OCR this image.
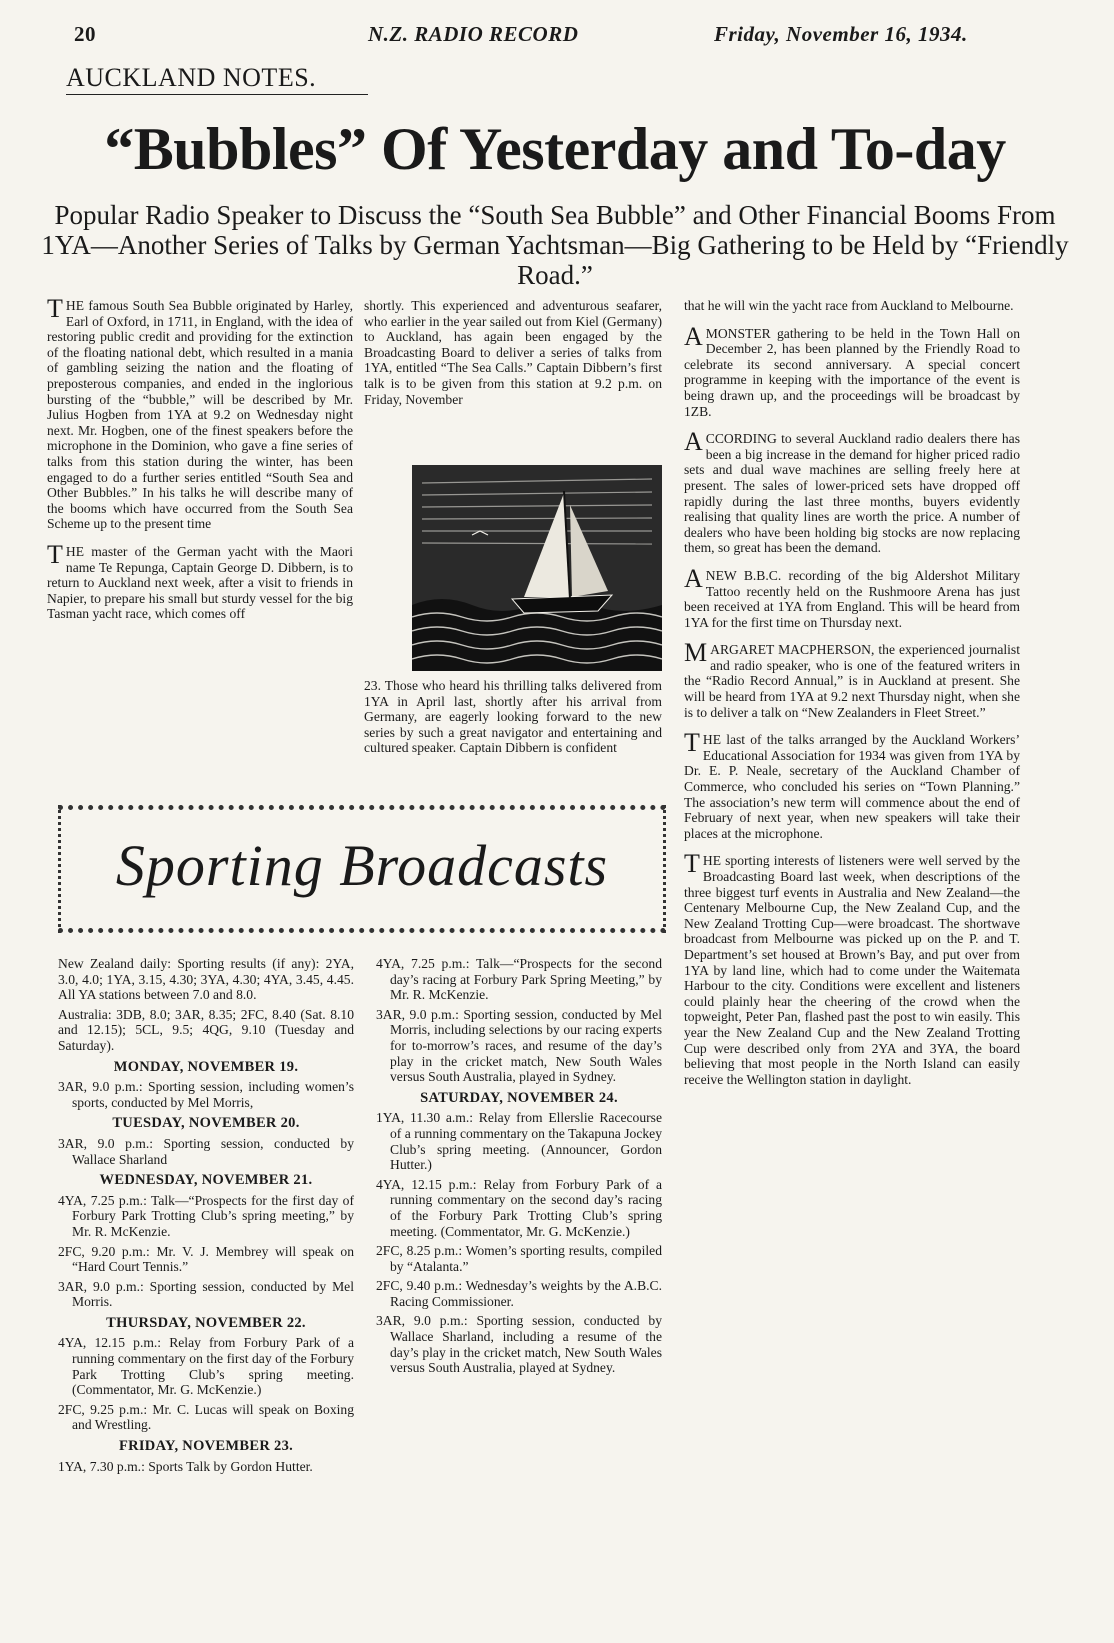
20	N.Z. RADIO RECORD	Friday, November 16, 1934.
AUCKLAND NOTES.
“Bubbles” Of Yesterday and To-day
Popular Radio Speaker to Discuss the “South Sea Bubble” and Other Financial Booms From 1YA—Another Series of Talks by German Yachtsman—Big Gathering to be Held by “Friendly Road.”

THE famous South Sea Bubble originated by Harley, Earl of Oxford, in 1711, in England, with the idea of restoring public credit and providing for the extinction of the floating national debt, which resulted in a mania of gambling seizing the nation and the floating of preposterous companies, and ended in the inglorious bursting of the “bubble,” will be described by Mr. Julius Hogben from 1YA at 9.2 on Wednesday night next. Mr. Hogben, one of the finest speakers before the microphone in the Dominion, who gave a fine series of talks from this station during the winter, has been engaged to do a further series entitled “South Sea and Other Bubbles.” In his talks he will describe many of the booms which have occurred from the South Sea Scheme up to the present time

THE master of the German yacht with the Maori name Te Repunga, Captain George D. Dibbern, is to return to Auckland next week, after a visit to friends in Napier, to prepare his small but sturdy vessel for the big Tasman yacht race, which comes off

shortly. This experienced and adventurous seafarer, who earlier in the year sailed out from Kiel (Germany) to Auckland, has again been engaged by the Broadcasting Board to deliver a series of talks from 1YA, entitled “The Sea Calls.” Captain Dibbern’s first talk is to be given from this station at 9.2 p.m. on Friday, November

23. Those who heard his thrilling talks delivered from 1YA in April last, shortly after his arrival from Germany, are eagerly looking forward to the new series by such a great navigator and entertaining and cultured speaker. Captain Dibbern is confident

that he will win the yacht race from Auckland to Melbourne.

AMONSTER gathering to be held in the Town Hall on December 2, has been planned by the Friendly Road to celebrate its second anniversary. A special concert programme in keeping with the importance of the event is being drawn up, and the proceedings will be broadcast by 1ZB.

ACCORDING to several Auckland radio dealers there has been a big increase in the demand for higher priced radio sets and dual wave machines are selling freely here at present. The sales of lower-priced sets have dropped off rapidly during the last three months, buyers evidently realising that quality lines are worth the price. A number of dealers who have been holding big stocks are now replacing them, so great has been the demand.

ANEW B.B.C. recording of the big Aldershot Military Tattoo recently held on the Rushmoore Arena has just been received at 1YA from England. This will be heard from 1YA for the first time on Thursday next.

MARGARET MACPHERSON, the experienced journalist and radio speaker, who is one of the featured writers in the “Radio Record Annual,” is in Auckland at present. She will be heard from 1YA at 9.2 next Thursday night, when she is to deliver a talk on “New Zealanders in Fleet Street.”

THE last of the talks arranged by the Auckland Workers’ Educational Association for 1934 was given from 1YA by Dr. E. P. Neale, secretary of the Auckland Chamber of Commerce, who concluded his series on “Town Planning.” The association’s new term will commence about the end of February of next year, when new speakers will take their places at the microphone.

THE sporting interests of listeners were well served by the Broadcasting Board last week, when descriptions of the three biggest turf events in Australia and New Zealand—the Centenary Melbourne Cup, the New Zealand Cup, and the New Zealand Trotting Cup—were broadcast. The shortwave broadcast from Melbourne was picked up on the P. and T. Department’s set housed at Brown’s Bay, and put over from 1YA by land line, which had to come under the Waitemata Harbour to the city. Conditions were excellent and listeners could plainly hear the cheering of the crowd when the topweight, Peter Pan, flashed past the post to win easily. This year the New Zealand Cup and the New Zealand Trotting Cup were described only from 2YA and 3YA, the board believing that most people in the North Island can easily receive the Wellington station in daylight.

Sporting Broadcasts

New Zealand daily: Sporting results (if any): 2YA, 3.0, 4.0; 1YA, 3.15, 4.30; 3YA, 4.30; 4YA, 3.45, 4.45. All YA stations between 7.0 and 8.0.

Australia: 3DB, 8.0; 3AR, 8.35; 2FC, 8.40 (Sat. 8.10 and 12.15); 5CL, 9.5; 4QG, 9.10 (Tuesday and Saturday).

MONDAY, NOVEMBER 19.
3AR, 9.0 p.m.: Sporting session, including women’s sports, conducted by Mel Morris,
TUESDAY, NOVEMBER 20.
3AR, 9.0 p.m.: Sporting session, conducted by Wallace Sharland
WEDNESDAY, NOVEMBER 21.
4YA, 7.25 p.m.: Talk—“Prospects for the first day of Forbury Park Trotting Club’s spring meeting,” by Mr. R. McKenzie.
2FC, 9.20 p.m.: Mr. V. J. Membrey will speak on “Hard Court Tennis.”
3AR, 9.0 p.m.: Sporting session, conducted by Mel Morris.
THURSDAY, NOVEMBER 22.
4YA, 12.15 p.m.: Relay from Forbury Park of a running commentary on the first day of the Forbury Park Trotting Club’s spring meeting. (Commentator, Mr. G. McKenzie.)
2FC, 9.25 p.m.: Mr. C. Lucas will speak on Boxing and Wrestling.
FRIDAY, NOVEMBER 23.
1YA, 7.30 p.m.: Sports Talk by Gordon Hutter.
4YA, 7.25 p.m.: Talk—“Prospects for the second day’s racing at Forbury Park Spring Meeting,” by Mr. R. McKenzie.
3AR, 9.0 p.m.: Sporting session, conducted by Mel Morris, including selections by our racing experts for to-morrow’s races, and resume of the day’s play in the cricket match, New South Wales versus South Australia, played in Sydney.
SATURDAY, NOVEMBER 24.
1YA, 11.30 a.m.: Relay from Ellerslie Racecourse of a running commentary on the Takapuna Jockey Club’s spring meeting. (Announcer, Gordon Hutter.)
4YA, 12.15 p.m.: Relay from Forbury Park of a running commentary on the second day’s racing of the Forbury Park Trotting Club’s spring meeting. (Commentator, Mr. G. McKenzie.)
2FC, 8.25 p.m.: Women’s sporting results, compiled by “Atalanta.”
2FC, 9.40 p.m.: Wednesday’s weights by the A.B.C. Racing Commissioner.
3AR, 9.0 p.m.: Sporting session, conducted by Wallace Sharland, including a resume of the day’s play in the cricket match, New South Wales versus South Australia, played at Sydney.
